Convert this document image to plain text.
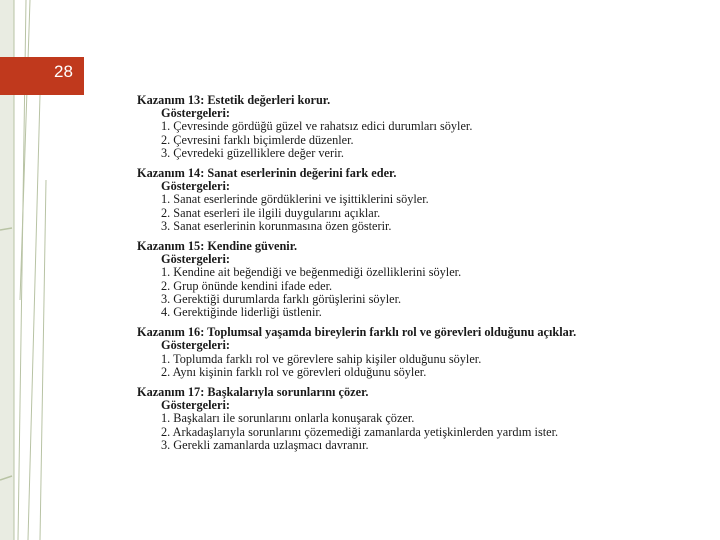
28
Kazanım 13: Estetik değerleri korur.
Göstergeleri:
1. Çevresinde gördüğü güzel ve rahatsız edici durumları söyler.
2. Çevresini farklı biçimlerde düzenler.
3. Çevredeki güzelliklere değer verir.
Kazanım 14: Sanat eserlerinin değerini fark eder.
Göstergeleri:
1. Sanat eserlerinde gördüklerini ve işittiklerini söyler.
2. Sanat eserleri ile ilgili duygularını açıklar.
3. Sanat eserlerinin korunmasına özen gösterir.
Kazanım 15: Kendine güvenir.
Göstergeleri:
1. Kendine ait beğendiği ve beğenmediği özelliklerini söyler.
2. Grup önünde kendini ifade eder.
3. Gerektiği durumlarda farklı görüşlerini söyler.
4. Gerektiğinde liderliği üstlenir.
Kazanım 16: Toplumsal yaşamda bireylerin farklı rol ve görevleri olduğunu açıklar.
Göstergeleri:
1. Toplumda farklı rol ve görevlere sahip kişiler olduğunu söyler.
2. Aynı kişinin farklı rol ve görevleri olduğunu söyler.
Kazanım 17: Başkalarıyla sorunlarını çözer.
Göstergeleri:
1. Başkaları ile sorunlarını onlarla konuşarak çözer.
2. Arkadaşlarıyla sorunlarını çözemediği zamanlarda yetişkinlerden yardım ister.
3. Gerekli zamanlarda uzlaşmacı davranır.
